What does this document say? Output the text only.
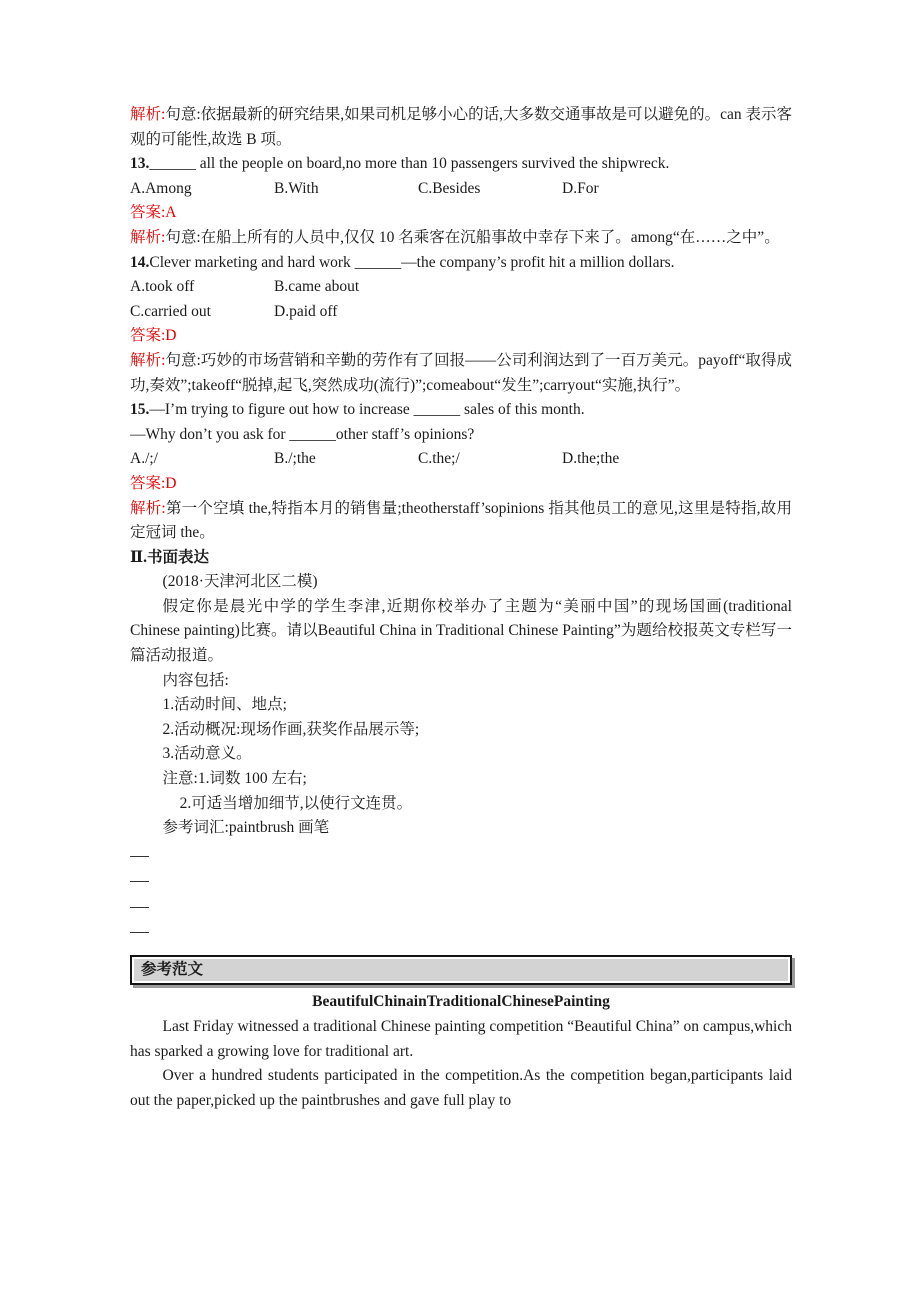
解析:句意:依据最新的研究结果,如果司机足够小心的话,大多数交通事故是可以避免的。can 表示客观的可能性,故选 B 项。

13.______ all the people on board,no more than 10 passengers survived the shipwreck.

A.Among	B.With	C.Besides	D.For

答案:A

解析:句意:在船上所有的人员中,仅仅 10 名乘客在沉船事故中幸存下来了。among“在……之中”。

14.Clever marketing and hard work ______—the company’s profit hit a million dollars.

A.took off	B.came about

C.carried out	D.paid off

答案:D

解析:句意:巧妙的市场营销和辛勤的劳作有了回报——公司利润达到了一百万美元。payoff“取得成功,奏效”;takeoff“脱掉,起飞,突然成功(流行)”;comeabout“发生”;carryout“实施,执行”。

15.—I’m trying to figure out how to increase ______ sales of this month.

—Why don’t you ask for ______other staff’s opinions?

A./;/	B./;the	C.the;/	D.the;the

答案:D

解析:第一个空填 the,特指本月的销售量;theotherstaff’sopinions 指其他员工的意见,这里是特指,故用定冠词 the。

Ⅱ.书面表达

(2018·天津河北区二模)

假定你是晨光中学的学生李津,近期你校举办了主题为“美丽中国”的现场国画(traditional Chinese painting)比赛。请以Beautiful China in Traditional Chinese Painting”为题给校报英文专栏写一篇活动报道。

内容包括:

1.活动时间、地点;

2.活动概况:现场作画,获奖作品展示等;

3.活动意义。

注意:1.词数 100 左右;

2.可适当增加细节,以使行文连贯。

参考词汇:paintbrush 画笔

参考范文

BeautifulChinainTraditionalChinesePainting

Last Friday witnessed a traditional Chinese painting competition “Beautiful China” on campus,which has sparked a growing love for traditional art.

Over a hundred students participated in the competition.As the competition began,participants laid out the paper,picked up the paintbrushes and gave full play to
